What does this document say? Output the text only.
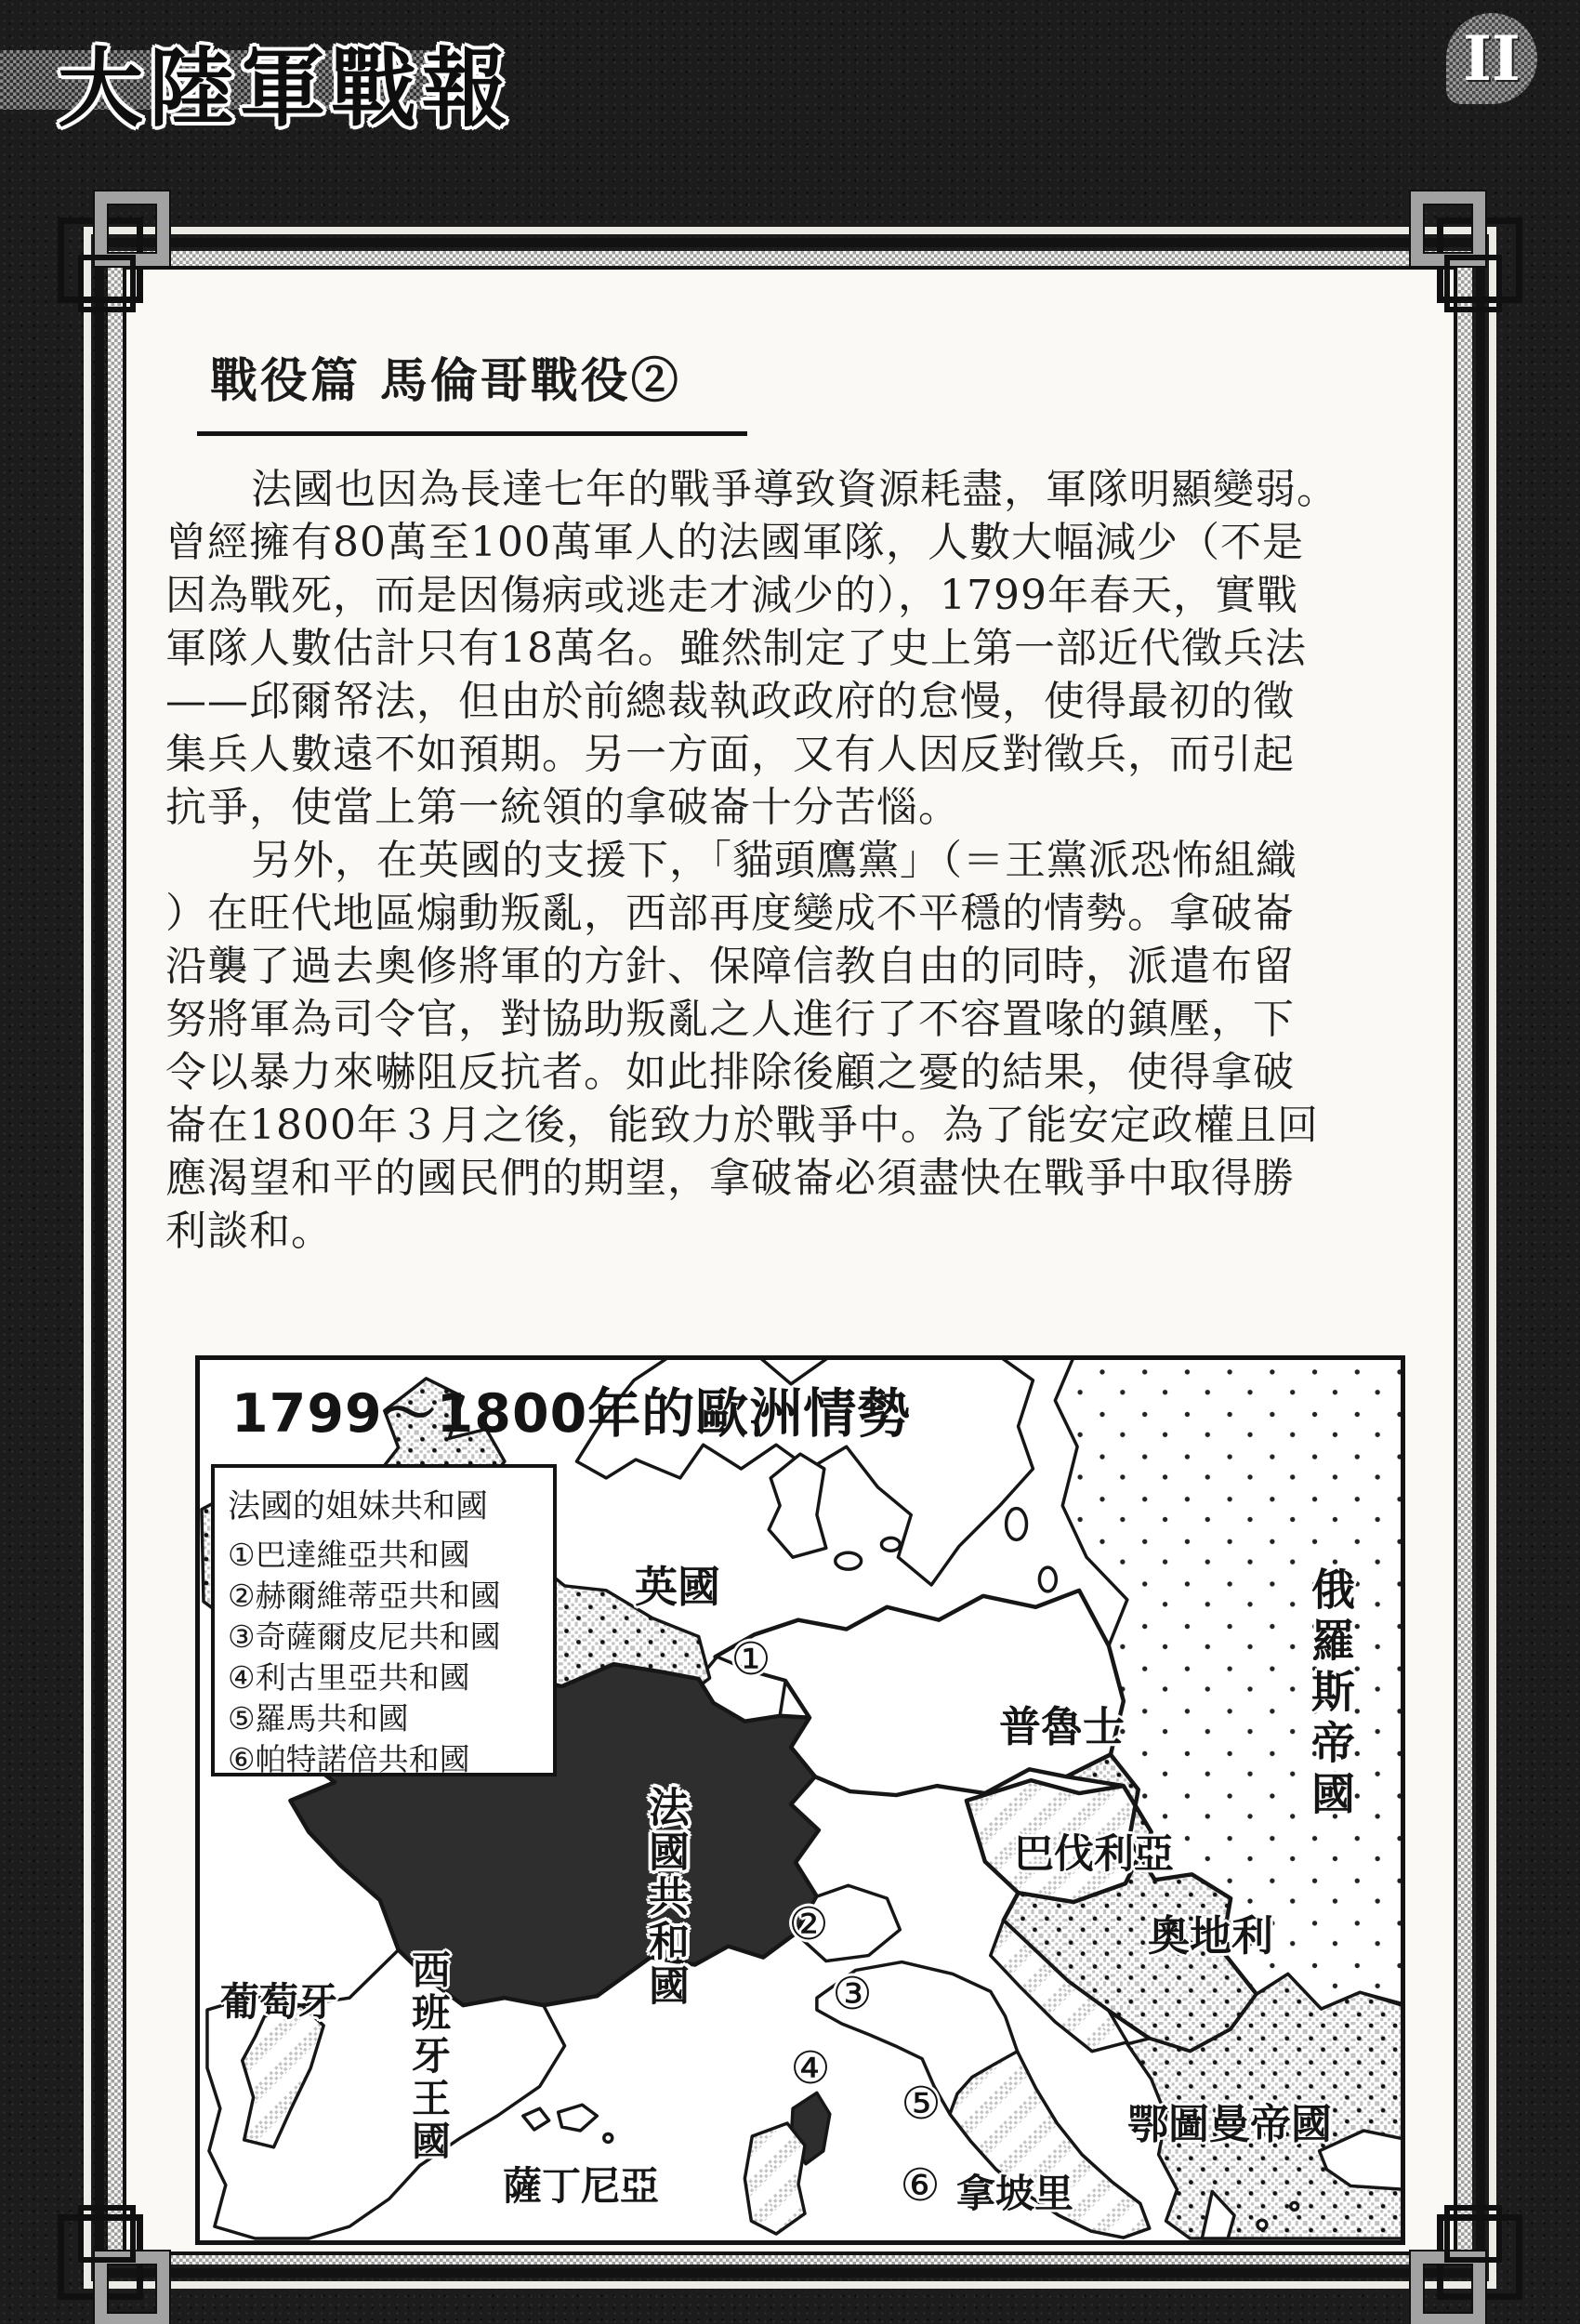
大陸軍戰報	II
戰役篇 馬倫哥戰役②
法國也因為長達七年的戰爭導致資源耗盡，軍隊明顯變弱。
曾經擁有80萬至100萬軍人的法國軍隊，人數大幅減少（不是
因為戰死，而是因傷病或逃走才減少的），1799年春天，實戰
軍隊人數估計只有18萬名。雖然制定了史上第一部近代徵兵法
——邱爾帑法，但由於前總裁執政政府的怠慢，使得最初的徵
集兵人數遠不如預期。另一方面，又有人因反對徵兵，而引起
抗爭，使當上第一統領的拿破崙十分苦惱。
另外，在英國的支援下，「貓頭鷹黨」（＝王黨派恐怖組織
）在旺代地區煽動叛亂，西部再度變成不平穩的情勢。拿破崙
沿襲了過去奧修將軍的方針、保障信教自由的同時，派遣布留
努將軍為司令官，對協助叛亂之人進行了不容置喙的鎮壓，下
令以暴力來嚇阻反抗者。如此排除後顧之憂的結果，使得拿破
崙在1800年３月之後，能致力於戰爭中。為了能安定政權且回
應渴望和平的國民們的期望，拿破崙必須盡快在戰爭中取得勝
利談和。
1799～1800年的歐洲情勢
法國的姐妹共和國
①巴達維亞共和國
②赫爾維蒂亞共和國
③奇薩爾皮尼共和國
④利古里亞共和國
⑤羅馬共和國
⑥帕特諾倍共和國
英國
普魯士	俄羅斯帝國
法國共和國	巴伐利亞
奧地利
葡萄牙 西班牙王國
薩丁尼亞	拿坡里
鄂圖曼帝國
①
②
③
④
⑤
⑥
